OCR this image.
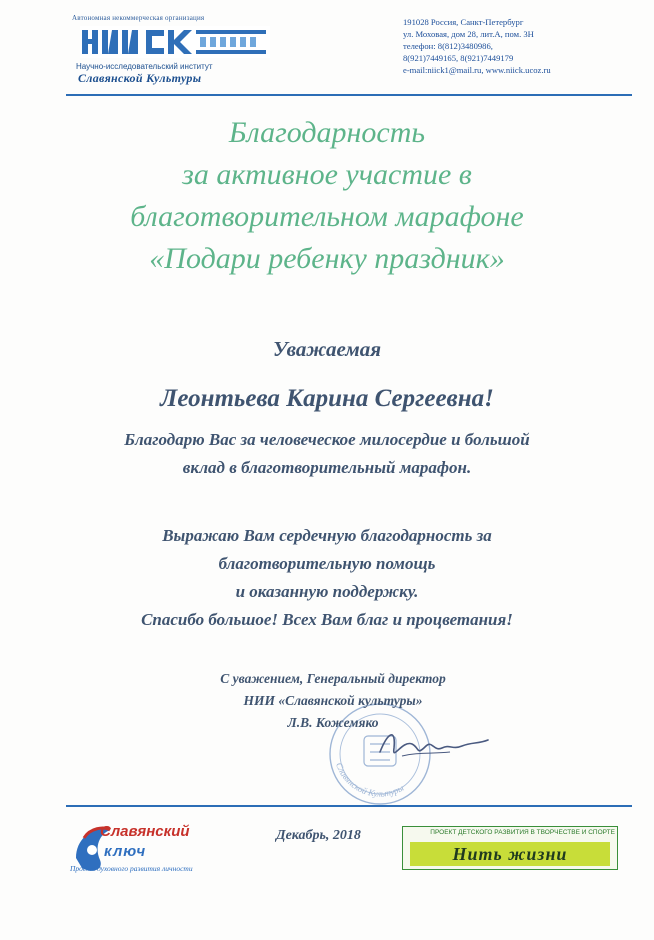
Автономная некоммерческая организация
Научно-исследовательский институт
Славянской Культуры
191028 Россия, Санкт-Петербург
ул. Моховая, дом 28, лит.А, пом. 3Н
телефон: 8(812)3480986,
8(921)7449165, 8(921)7449179
e-mail:niick1@mail.ru, www.niick.ucoz.ru
Благодарность
за активное участие в
благотворительном марафоне
«Подари ребенку праздник»
Уважаемая
Леонтьева Карина Сергеевна!
Благодарю Вас за человеческое милосердие и большой
вклад в благотворительный марафон.
Выражаю Вам сердечную благодарность за
благотворительную помощь
и оказанную поддержку.
Спасибо большое! Всех Вам благ и процветания!
Славянской Культуры
С уважением, Генеральный директор
НИИ «Славянской культуры»
Л.В. Кожемяко
Славянский
ключ
Проект духовного развития личности
Декабрь, 2018	ПРОЕКТ ДЕТСКОГО РАЗВИТИЯ В ТВОРЧЕСТВЕ И СПОРТЕ
Нить жизни
